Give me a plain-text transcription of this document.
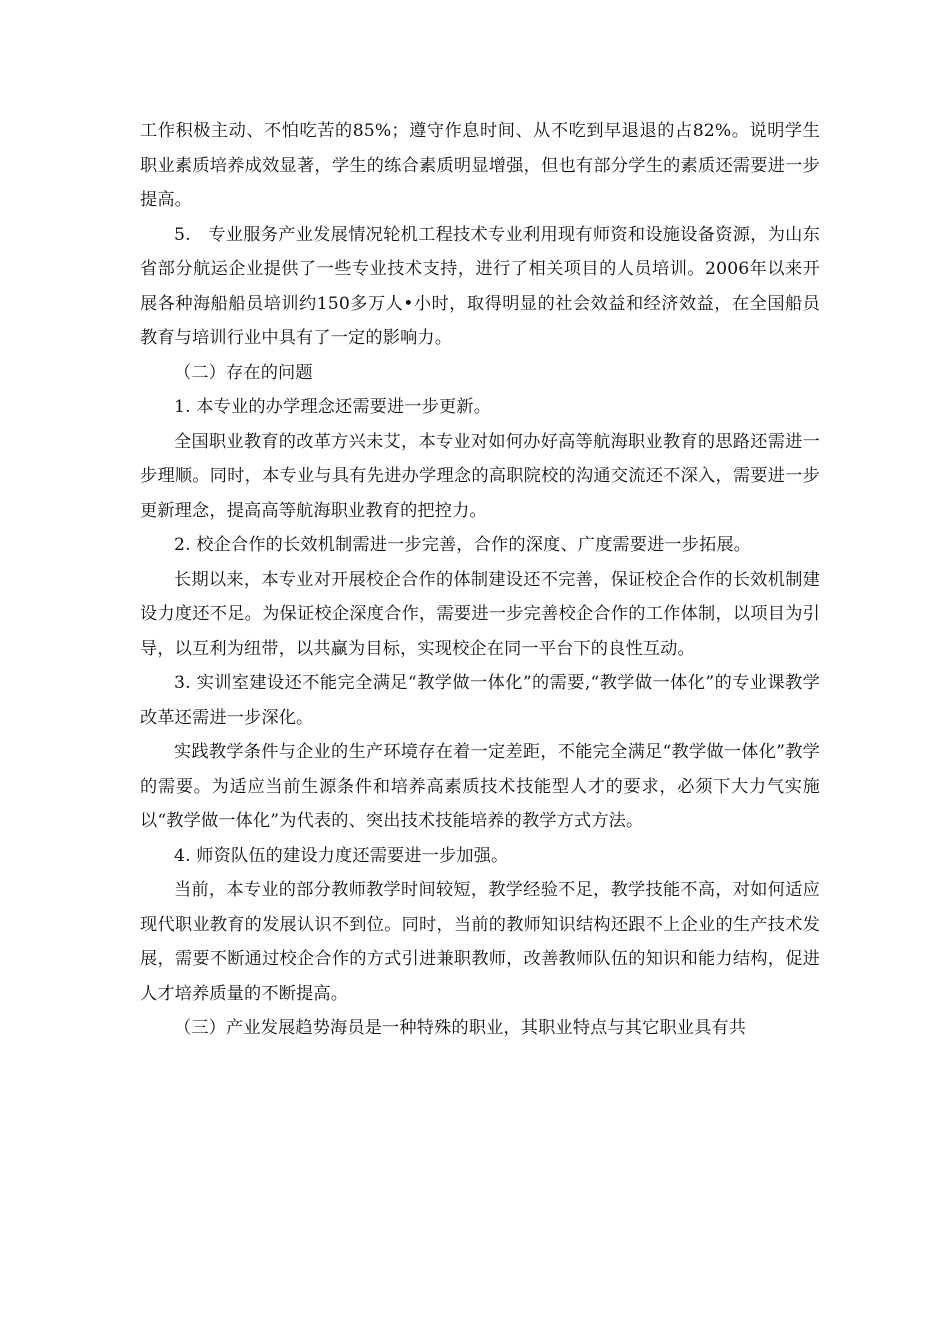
工作积极主动、不怕吃苦的85%；遵守作息时间、从不吃到早退退的占82%。说明学生职业素质培养成效显著，学生的练合素质明显增强，但也有部分学生的素质还需要进一步提高。

5.　专业服务产业发展情况轮机工程技术专业利用现有师资和设施设备资源，为山东省部分航运企业提供了一些专业技术支持，进行了相关项目的人员培训。2006年以来开展各种海船船员培训约150多万人•小时，取得明显的社会效益和经济效益，在全国船员教育与培训行业中具有了一定的影响力。

（二）存在的问题

1. 本专业的办学理念还需要进一步更新。

全国职业教育的改革方兴未艾，本专业对如何办好高等航海职业教育的思路还需进一步理顺。同时，本专业与具有先进办学理念的高职院校的沟通交流还不深入，需要进一步更新理念，提高高等航海职业教育的把控力。

2. 校企合作的长效机制需进一步完善，合作的深度、广度需要进一步拓展。

长期以来，本专业对开展校企合作的体制建设还不完善，保证校企合作的长效机制建设力度还不足。为保证校企深度合作，需要进一步完善校企合作的工作体制，以项目为引导，以互利为纽带，以共赢为目标，实现校企在同一平台下的良性互动。

3. 实训室建设还不能完全满足“教学做一体化”的需要,“教学做一体化”的专业课教学改革还需进一步深化。

实践教学条件与企业的生产环境存在着一定差距，不能完全满足“教学做一体化”教学的需要。为适应当前生源条件和培养高素质技术技能型人才的要求，必须下大力气实施以“教学做一体化”为代表的、突出技术技能培养的教学方式方法。

4. 师资队伍的建设力度还需要进一步加强。

当前，本专业的部分教师教学时间较短，教学经验不足，教学技能不高，对如何适应现代职业教育的发展认识不到位。同时，当前的教师知识结构还跟不上企业的生产技术发展，需要不断通过校企合作的方式引进兼职教师，改善教师队伍的知识和能力结构，促进人才培养质量的不断提高。

（三）产业发展趋势海员是一种特殊的职业，其职业特点与其它职业具有共
